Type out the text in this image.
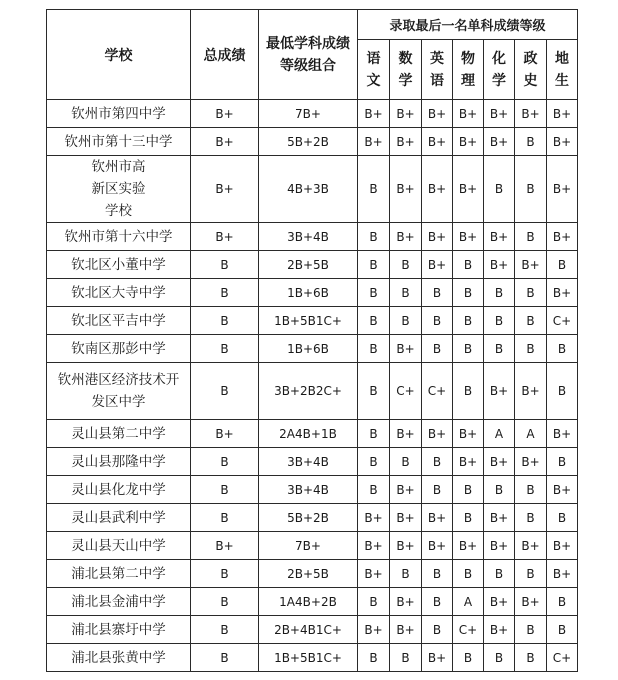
学校	总成绩	最低学科成绩等级组合	录取最后一名单科成绩等级						
			语文	数学	英语	物理	化学	政史	地生
钦州市第四中学	B+	7B+	B+	B+	B+	B+	B+	B+	B+
钦州市第十三中学	B+	5B+2B	B+	B+	B+	B+	B+	B	B+
钦州市高新区实验学校	B+	4B+3B	B	B+	B+	B+	B	B	B+
钦州市第十六中学	B+	3B+4B	B	B+	B+	B+	B+	B	B+
钦北区小董中学	B	2B+5B	B	B	B+	B	B+	B+	B
钦北区大寺中学	B	1B+6B	B	B	B	B	B	B	B+
钦北区平吉中学	B	1B+5B1C+	B	B	B	B	B	B	C+
钦南区那彭中学	B	1B+6B	B	B+	B	B	B	B	B
钦州港区经济技术开发区中学	B	3B+2B2C+	B	C+	C+	B	B+	B+	B
灵山县第二中学	B+	2A4B+1B	B	B+	B+	B+	A	A	B+
灵山县那隆中学	B	3B+4B	B	B	B	B+	B+	B+	B
灵山县化龙中学	B	3B+4B	B	B+	B	B	B	B	B+
灵山县武利中学	B	5B+2B	B+	B+	B+	B	B+	B	B
灵山县天山中学	B+	7B+	B+	B+	B+	B+	B+	B+	B+
浦北县第二中学	B	2B+5B	B+	B	B	B	B	B	B+
浦北县金浦中学	B	1A4B+2B	B	B+	B	A	B+	B+	B
浦北县寨圩中学	B	2B+4B1C+	B+	B+	B	C+	B+	B	B
浦北县张黄中学	B	1B+5B1C+	B	B	B+	B	B	B	C+
